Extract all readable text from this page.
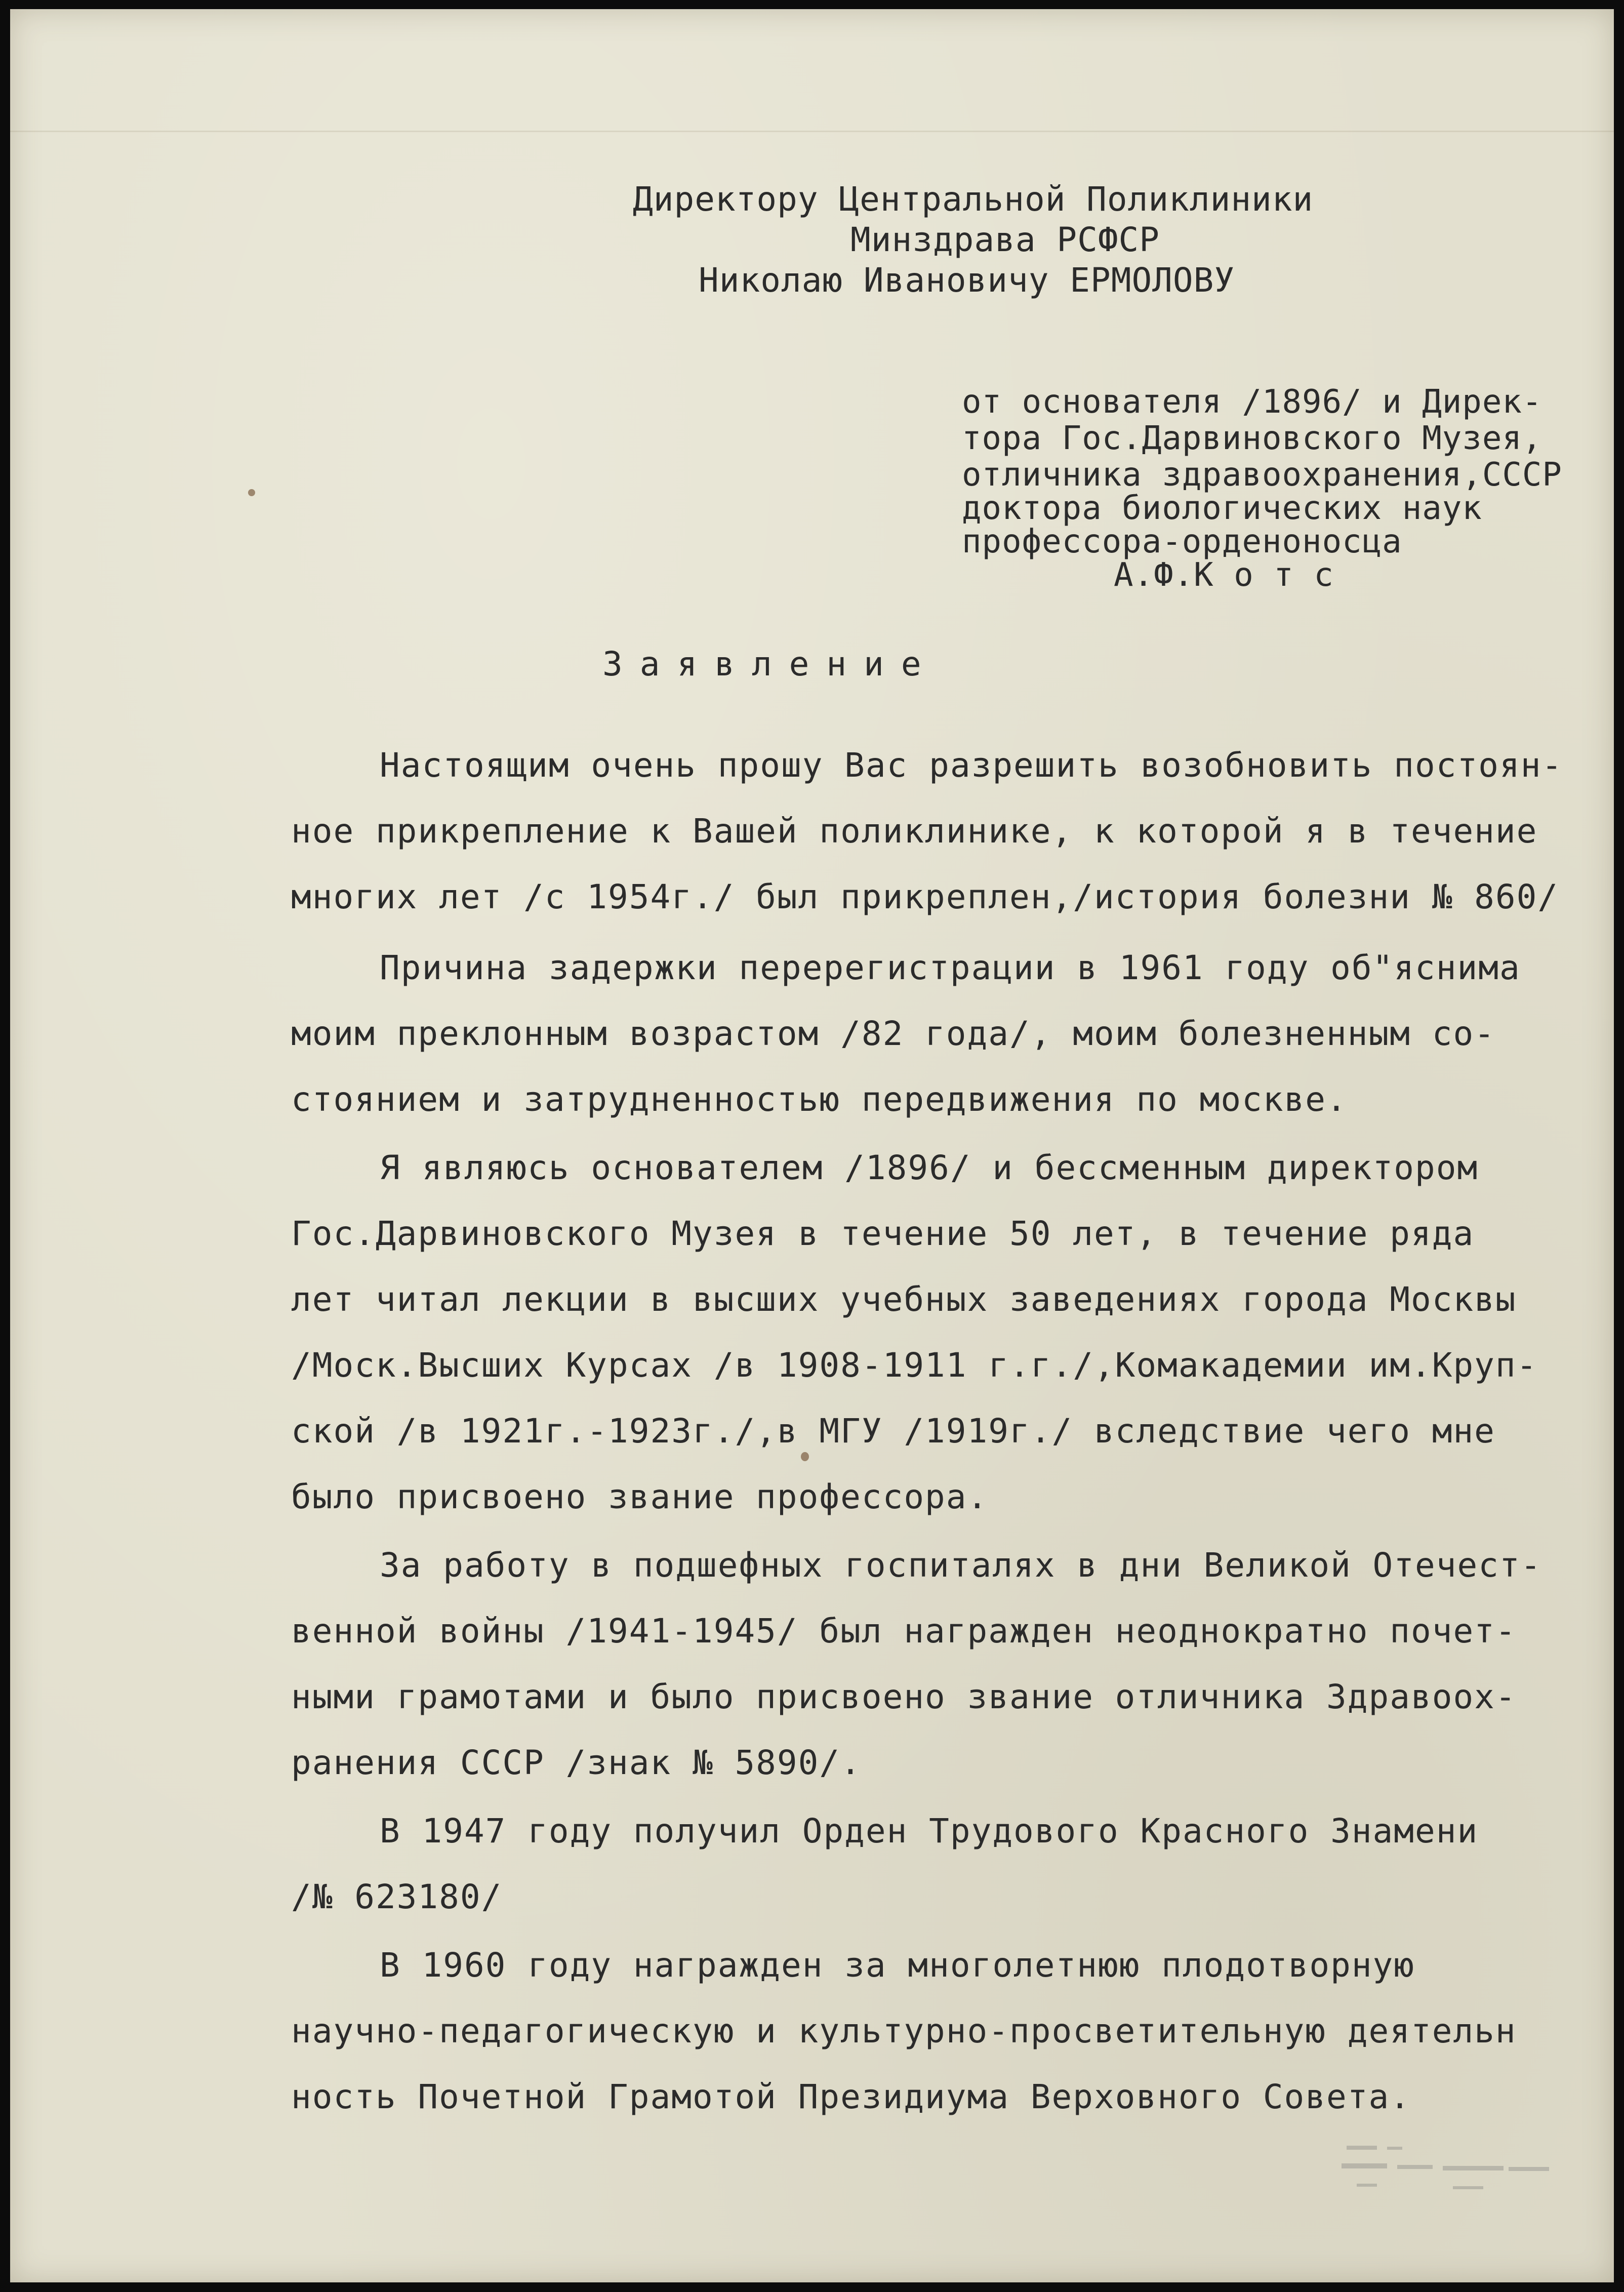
Директору Центральной Поликлиники

Минздрава РСФСР

Николаю Ивановичу ЕРМОЛОВУ

от основателя /1896/ и Дирек-

тора Гос.Дарвиновского Музея,

отличника здравоохранения,СССР

доктора биологических наук

профессора-орденоносца

А.Ф.К о т с

Заявление
Настоящим очень прошу Вас разрешить возобновить постоян-
ное прикрепление к Вашей поликлинике, к которой я в течение
многих лет /с 1954г./ был прикреплен,/история болезни № 860/
Причина задержки перерегистрации в 1961 году об"яснима
моим преклонным возрастом /82 года/, моим болезненным со-
стоянием и затрудненностью передвижения по москве.
Я являюсь основателем /1896/ и бессменным директором
Гос.Дарвиновского Музея в течение 50 лет, в течение ряда
лет читал лекции в высших учебных заведениях города Москвы
/Моск.Высших Курсах /в 1908-1911 г.г./,Комакадемии им.Круп-
ской /в 1921г.-1923г./,в МГУ /1919г./ вследствие чего мне
было присвоено звание профессора.
За работу в подшефных госпиталях в дни Великой Отечест-
венной войны /1941-1945/ был награжден неоднократно почет-
ными грамотами и было присвоено звание отличника Здравоох-
ранения СССР /знак № 5890/.
В 1947 году получил Орден Трудового Красного Знамени
/№ 623180/
В 1960 году награжден за многолетнюю плодотворную
научно-педагогическую и культурно-просветительную деятельн
ность Почетной Грамотой Президиума Верховного Совета.
